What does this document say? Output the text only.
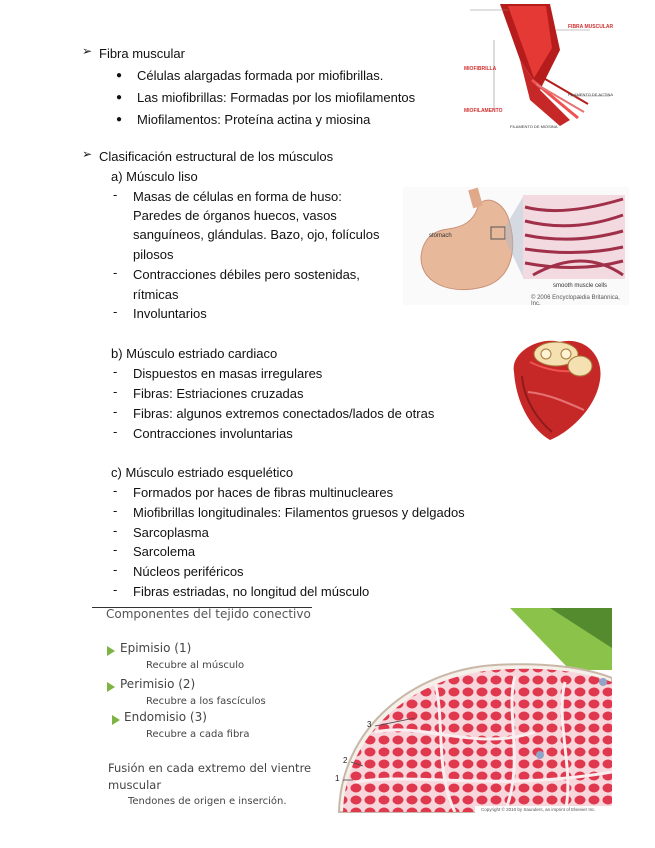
➢ Fibra muscular
● Células alargadas formada por miofibrillas.
● Las miofibrillas: Formadas por los miofilamentos
● Miofilamentos: Proteína actina y miosina
FIBRA MUSCULAR
MIOFIBRILLA
MIOFILAMENTO
FILAMENTO DE ACTINA
FILAMENTO DE MIOSINA
➢ Clasificación estructural de los músculos
a) Músculo liso
- Masas de células en forma de huso:
Paredes de órganos huecos, vasos
sanguíneos, glándulas. Bazo, ojo, folículos
pilosos
- Contracciones débiles pero sostenidas,
rítmicas
- Involuntarios
stomach
smooth muscle cells
© 2006 Encyclopædia Britannica, Inc.
b) Músculo estriado cardiaco
- Dispuestos en masas irregulares
- Fibras: Estriaciones cruzadas
- Fibras: algunos extremos conectados/lados de otras
- Contracciones involuntarias
c) Músculo estriado esquelético
- Formados por haces de fibras multinucleares
- Miofibrillas longitudinales: Filamentos gruesos y delgados
- Sarcoplasma
- Sarcolema
- Núcleos periféricos
- Fibras estriadas, no longitud del músculo
Componentes del tejido conectivo
Epimisio (1)
Recubre al músculo
Perimisio (2)
Recubre a los fascículos
Endomisio (3)
Recubre a cada fibra
Fusión en cada extremo del vientre
muscular
Tendones de origen e inserción.
3
2
1
Copyright © 2010 by Saunders, an imprint of Elsevier Inc.
